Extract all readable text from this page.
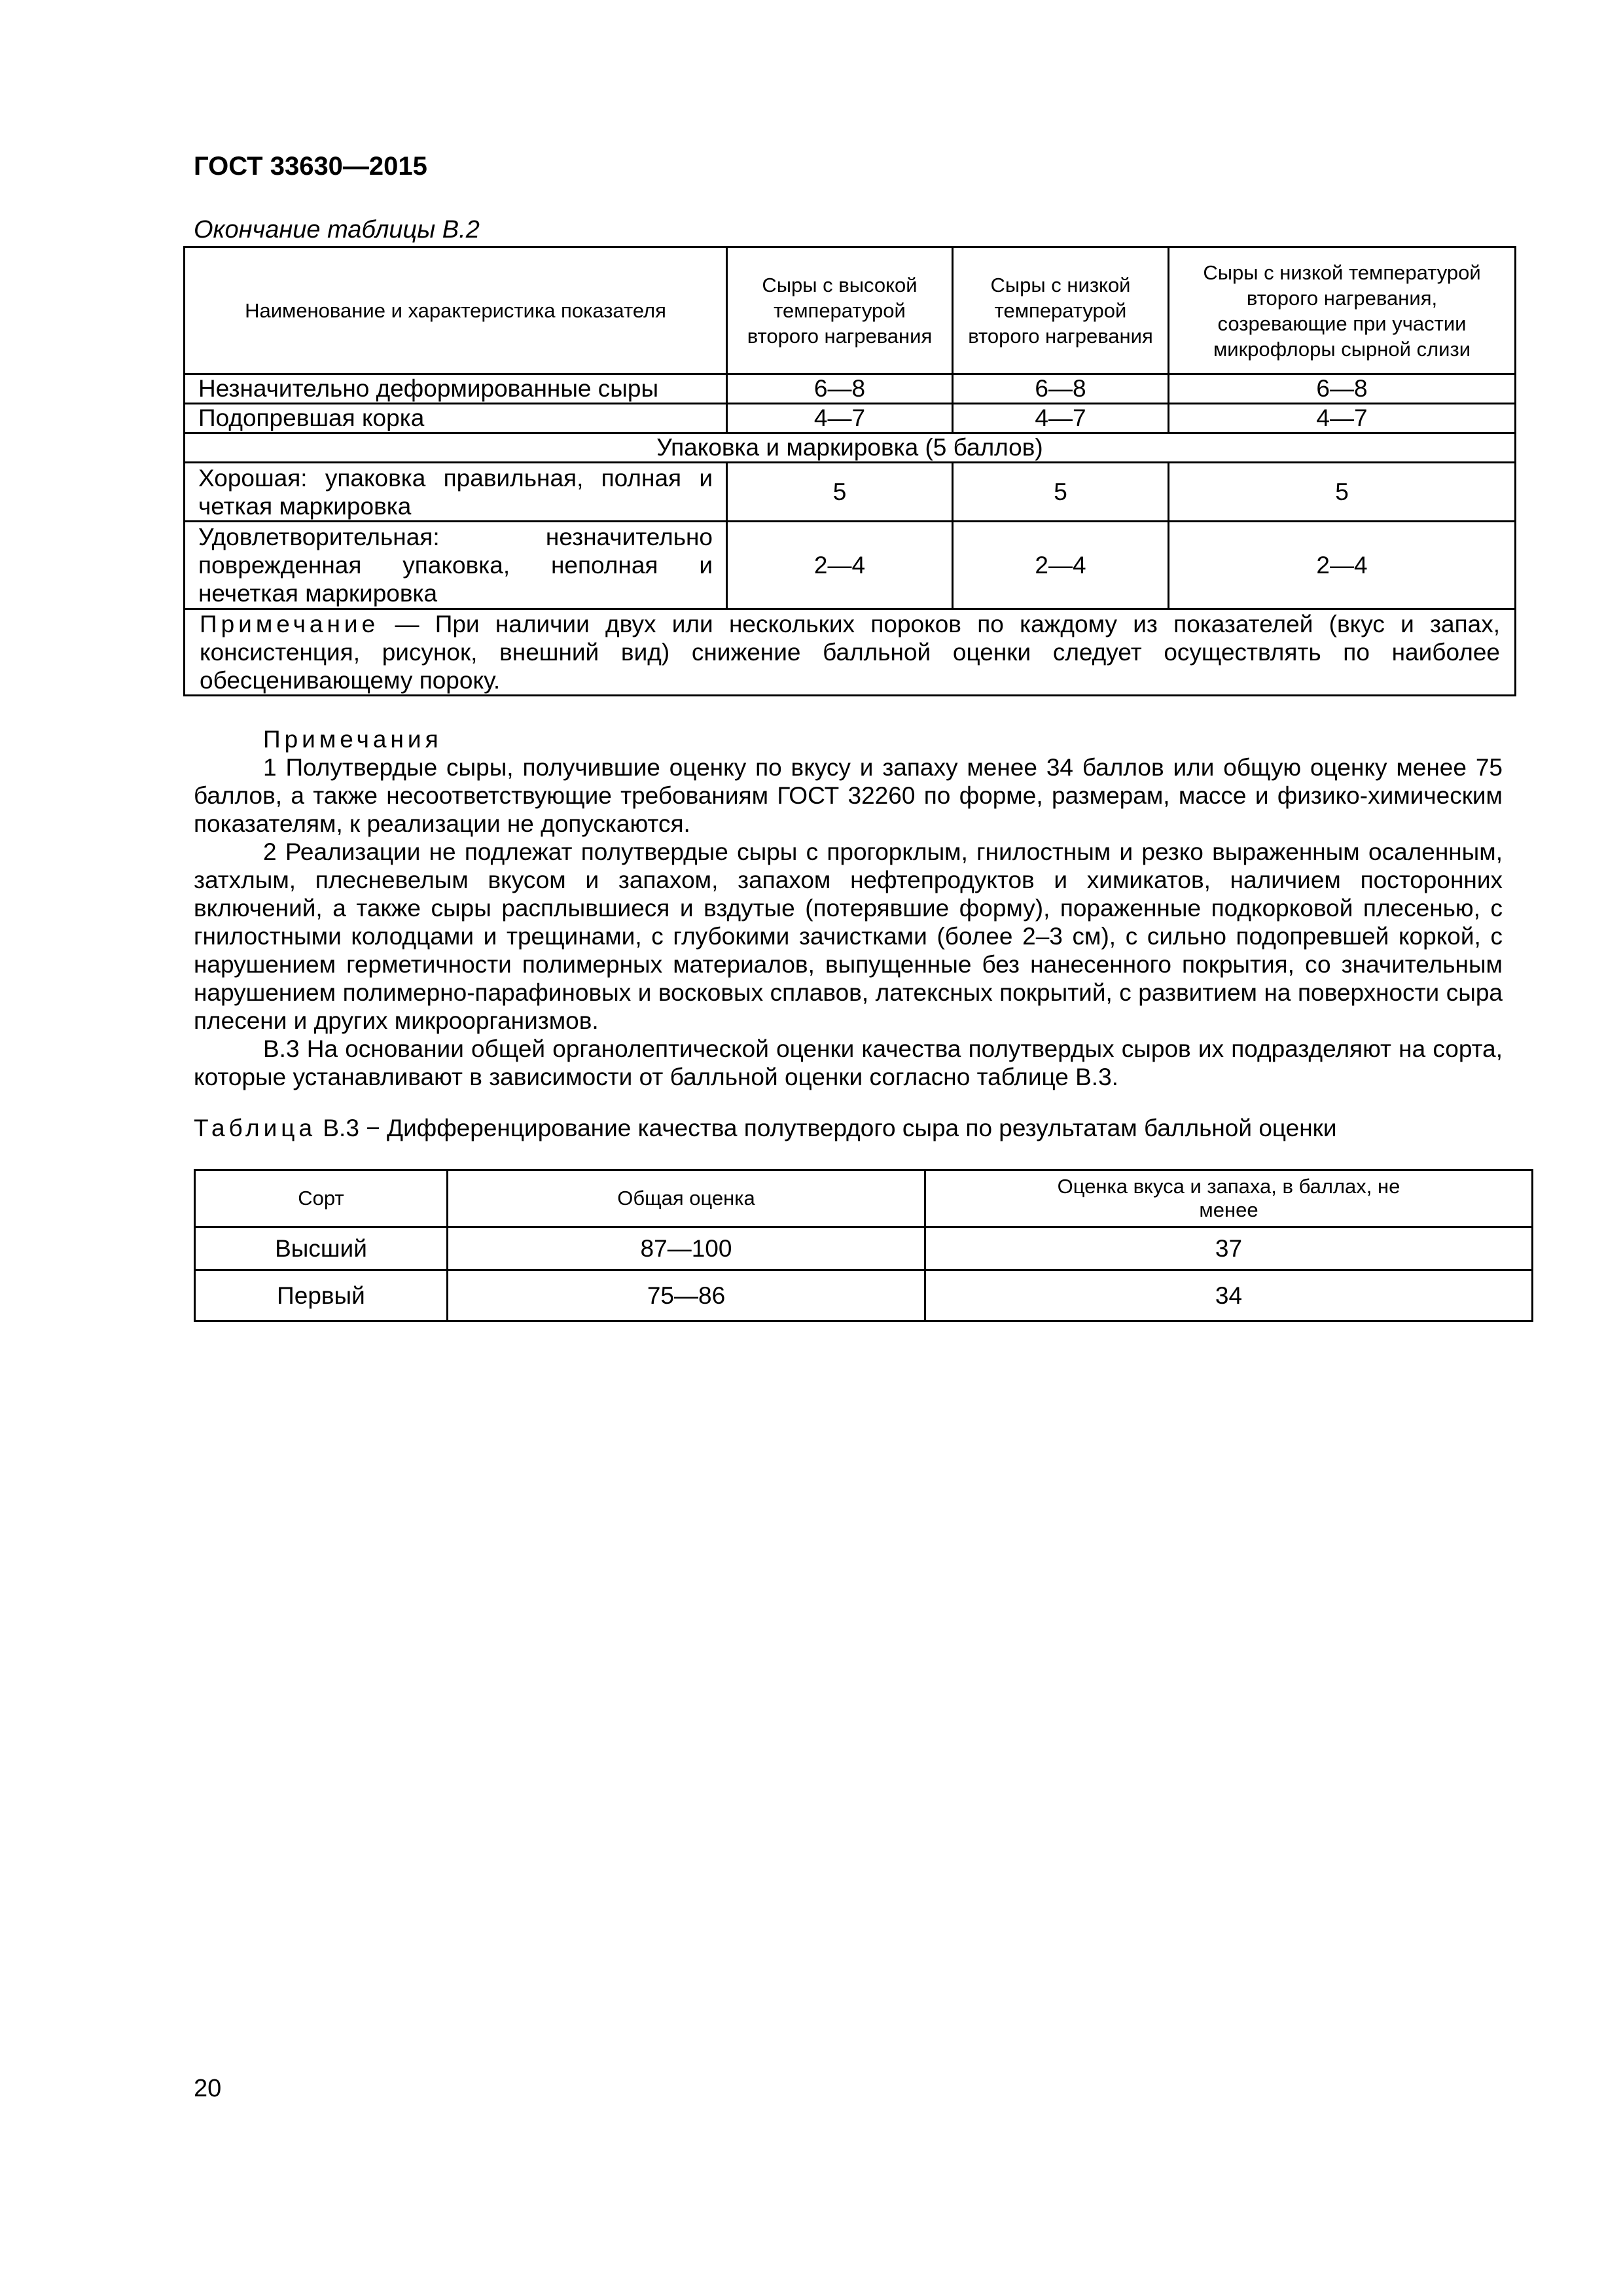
ГОСТ 33630—2015
Окончание таблицы В.2
Наименование и характеристика показателя	Сыры с высокой температурой второго нагревания	Сыры с низкой температурой второго нагревания	Сыры с низкой температурой второго нагревания, созревающие при участии микрофлоры сырной слизи
Незначительно деформированные сыры	6—8	6—8	6—8
Подопревшая корка	4—7	4—7	4—7
Упаковка и маркировка (5 баллов)			

Хорошая: упаковка правильная, полная и четкая маркировка	5	5	5

Удовлетворительная: незначительно поврежденная упаковка, неполная и нечеткая маркировка	2—4	2—4	2—4
Примечание — При наличии двух или нескольких пороков по каждому из показателей (вкус и запах, консистенция, рисунок, внешний вид) снижение балльной оценки следует осуществлять по наиболее обесценивающему пороку.			

Примечания

1 Полутвердые сыры, получившие оценку по вкусу и запаху менее 34 баллов или общую оценку менее 75 баллов, а также несоответствующие требованиям ГОСТ 32260 по форме, размерам, массе и физико-химическим показателям, к реализации не допускаются.

2 Реализации не подлежат полутвердые сыры с прогорклым, гнилостным и резко выраженным осаленным, затхлым, плесневелым вкусом и запахом, запахом нефтепродуктов и химикатов, наличием посторонних включений, а также сыры расплывшиеся и вздутые (потерявшие форму), пораженные подкорковой плесенью, с гнилостными колодцами и трещинами, с глубокими зачистками (более 2–3 см), с сильно подопревшей коркой, с нарушением герметичности полимерных материалов, выпущенные без нанесенного покрытия, со значительным нарушением полимерно-парафиновых и восковых сплавов, латексных покрытий, с развитием на поверхности сыра плесени и других микроорганизмов.

В.3 На основании общей органолептической оценки качества полутвердых сыров их подразделяют на сорта, которые устанавливают в зависимости от балльной оценки согласно таблице В.3.

Таблица В.3 − Дифференцирование качества полутвердого сыра по результатам балльной оценки
Сорт	Общая оценка	Оценка вкуса и запаха, в баллах, не менее
Высший	87—100	37
Первый	75—86	34
20
